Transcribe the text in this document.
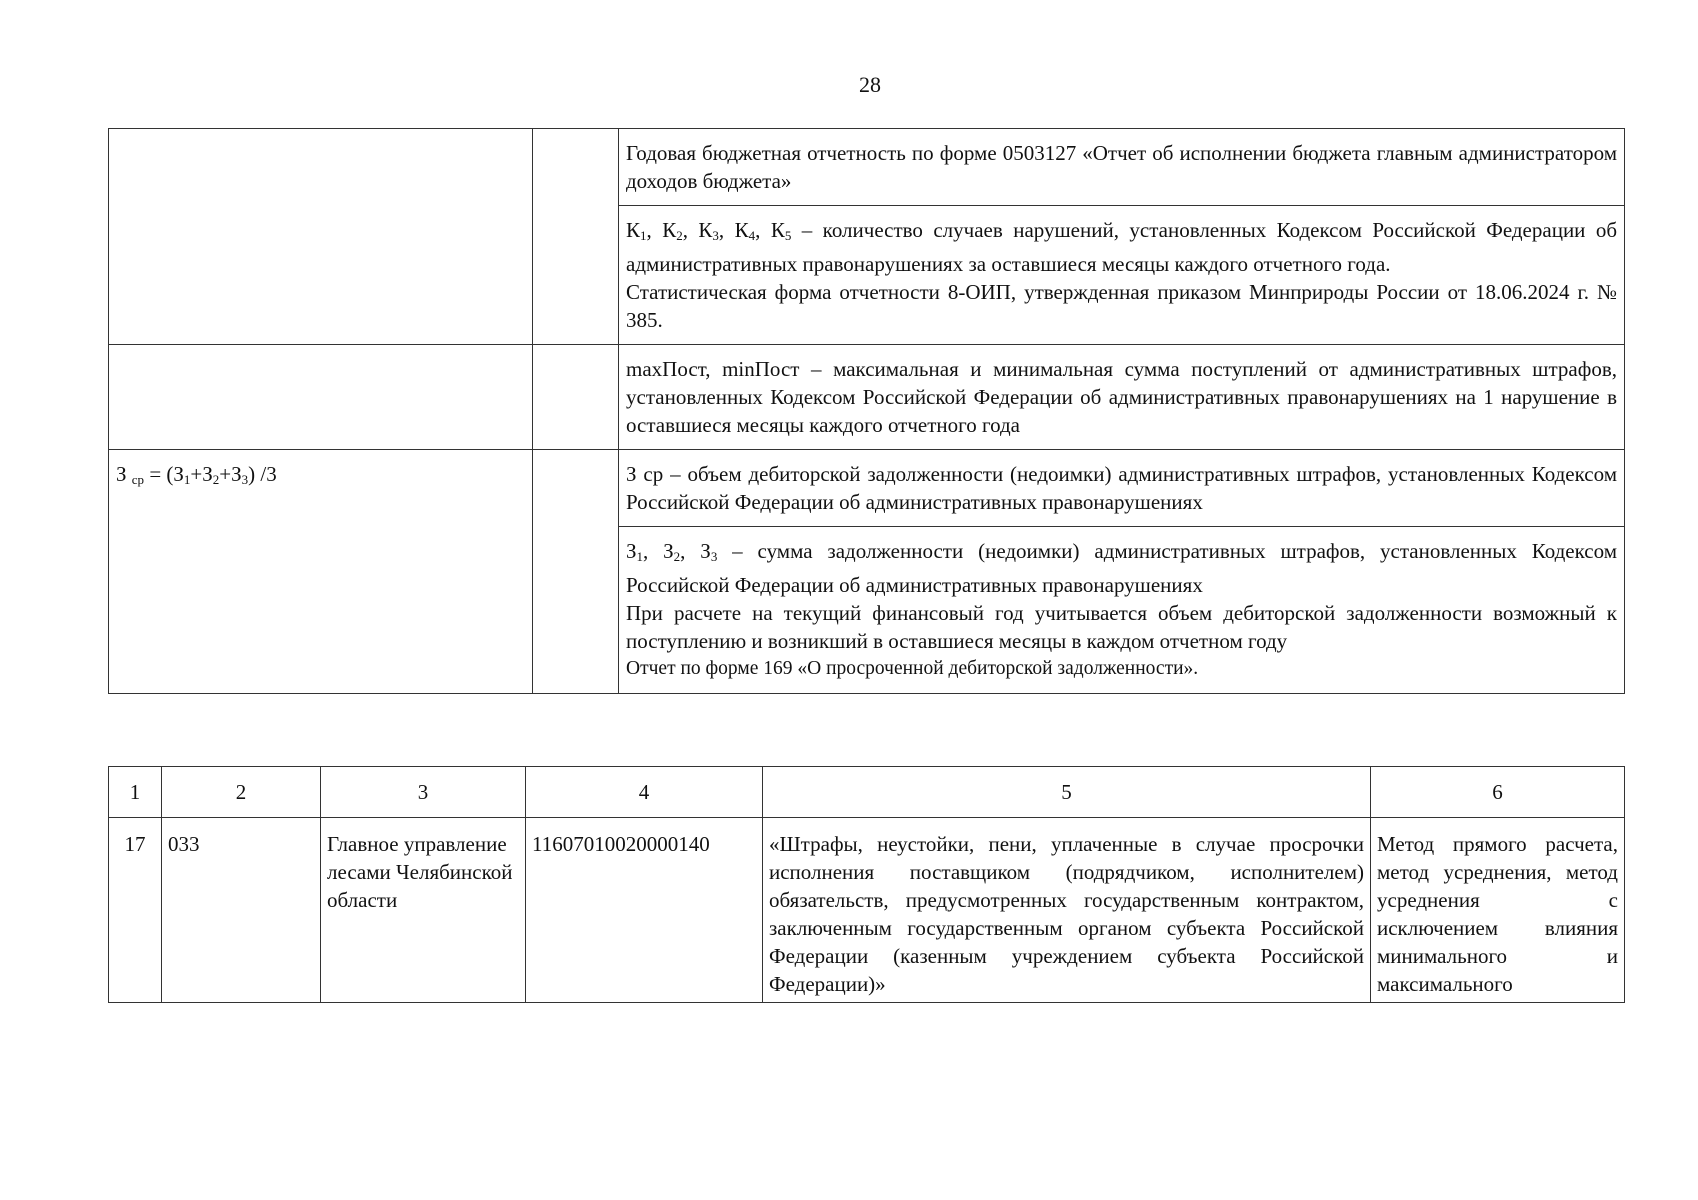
28
		Годовая бюджетная отчетность по форме 0503127 «Отчет об исполнении бюджета главным администратором доходов бюджета»

		$К_1$, $К_2$, $К_3$, $К_4$, $К_5$ – количество случаев нарушений, установленных Кодексом Российской Федерации об административных правонарушениях за оставшиеся месяцы каждого отчетного года.
Статистическая форма отчетности 8-ОИП, утвержденная приказом Минприроды России от 18.06.2024 г. № 385.

		maxПост, minПост – максимальная и минимальная сумма поступлений от административных штрафов, установленных Кодексом Российской Федерации об административных правонарушениях на 1 нарушение в оставшиеся месяцы каждого отчетного года
З $_{ср} = (З_1+З_2+З_3)$ /3		З ср – объем дебиторской задолженности (недоимки) административных штрафов, установленных Кодексом Российской Федерации об административных правонарушениях

		$З_1$, $З_2$, $З_3$ – сумма задолженности (недоимки) административных штрафов, установленных Кодексом Российской Федерации об административных правонарушениях
При расчете на текущий финансовый год учитывается объем дебиторской задолженности возможный к поступлению и возникший в оставшиеся месяцы в каждом отчетном году
Отчет по форме 169 «О просроченной дебиторской задолженности».
1	2	3	4	5	6
17	033	Главное управление лесами Челябинской области	11607010020000140	«Штрафы, неустойки, пени, уплаченные в случае просрочки исполнения поставщиком (подрядчиком, исполнителем) обязательств, предусмотренных государственным контрактом, заключенным государственным органом субъекта Российской Федерации (казенным учреждением субъекта Российской Федерации)»	Метод прямого расчета, метод усреднения, метод усреднения с исключением влияния минимального и максимального
